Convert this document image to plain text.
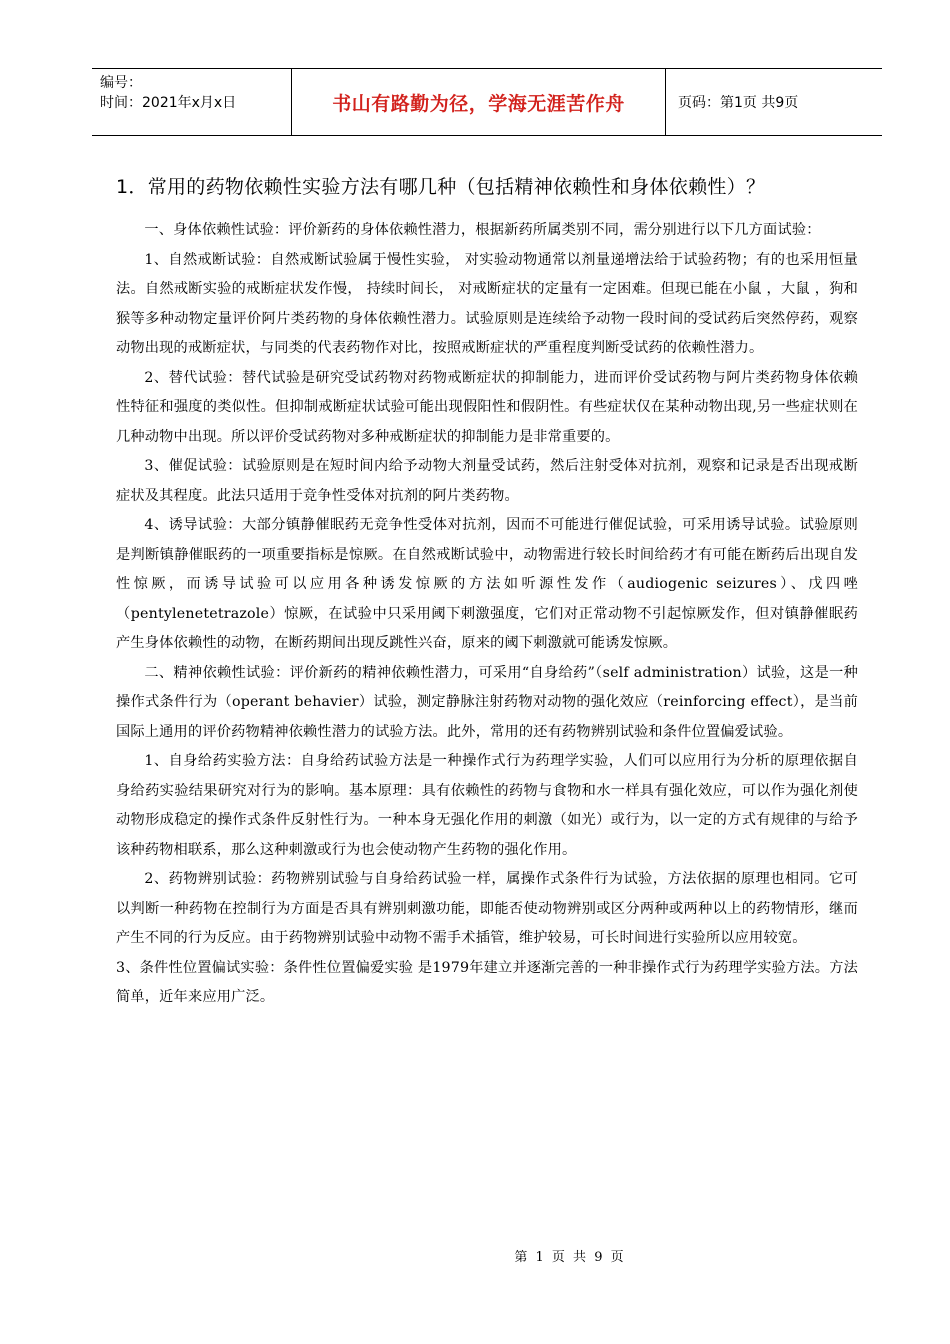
编号：
时间：2021年x月x日	书山有路勤为径，学海无涯苦作舟	页码：第1页 共9页
1．常用的药物依赖性实验方法有哪几种（包括精神依赖性和身体依赖性）？

一、身体依赖性试验：评价新药的身体依赖性潜力，根据新药所属类别不同，需分别进行以下几方面试验：

1、自然戒断试验：自然戒断试验属于慢性实验， 对实验动物通常以剂量递增法给于试验药物；有的也采用恒量法。自然戒断实验的戒断症状发作慢， 持续时间长， 对戒断症状的定量有一定困难。但现已能在小鼠 ，大鼠 ，狗和猴等多种动物定量评价阿片类药物的身体依赖性潜力。试验原则是连续给予动物一段时间的受试药后突然停药，观察动物出现的戒断症状，与同类的代表药物作对比，按照戒断症状的严重程度判断受试药的依赖性潜力。

2、替代试验：替代试验是研究受试药物对药物戒断症状的抑制能力，进而评价受试药物与阿片类药物身体依赖性特征和强度的类似性。但抑制戒断症状试验可能出现假阳性和假阴性。有些症状仅在某种动物出现,另一些症状则在几种动物中出现。所以评价受试药物对多种戒断症状的抑制能力是非常重要的。

3、催促试验：试验原则是在短时间内给予动物大剂量受试药，然后注射受体对抗剂，观察和记录是否出现戒断症状及其程度。此法只适用于竞争性受体对抗剂的阿片类药物。

4、诱导试验：大部分镇静催眠药无竞争性受体对抗剂，因而不可能进行催促试验，可采用诱导试验。试验原则是判断镇静催眠药的一项重要指标是惊厥。在自然戒断试验中，动物需进行较长时间给药才有可能在断药后出现自发性惊厥，而诱导试验可以应用各种诱发惊厥的方法如听源性发作（audiogenic seizures）、戊四唑（pentylenetetrazole）惊厥，在试验中只采用阈下刺激强度，它们对正常动物不引起惊厥发作，但对镇静催眠药产生身体依赖性的动物，在断药期间出现反跳性兴奋，原来的阈下刺激就可能诱发惊厥。

二、精神依赖性试验：评价新药的精神依赖性潜力，可采用“自身给药”（self administration）试验，这是一种操作式条件行为（operant behavier）试验，测定静脉注射药物对动物的强化效应（reinforcing effect），是当前国际上通用的评价药物精神依赖性潜力的试验方法。此外，常用的还有药物辨别试验和条件位置偏爱试验。

1、自身给药实验方法：自身给药试验方法是一种操作式行为药理学实验，人们可以应用行为分析的原理依据自身给药实验结果研究对行为的影响。基本原理：具有依赖性的药物与食物和水一样具有强化效应，可以作为强化剂使动物形成稳定的操作式条件反射性行为。一种本身无强化作用的刺激（如光）或行为，以一定的方式有规律的与给予该种药物相联系，那么这种刺激或行为也会使动物产生药物的强化作用。

2、药物辨别试验：药物辨别试验与自身给药试验一样，属操作式条件行为试验，方法依据的原理也相同。它可以判断一种药物在控制行为方面是否具有辨别刺激功能，即能否使动物辨别或区分两种或两种以上的药物情形，继而产生不同的行为反应。由于药物辨别试验中动物不需手术插管，维护较易，可长时间进行实验所以应用较宽。

3、条件性位置偏试实验：条件性位置偏爱实验 是1979年建立并逐渐完善的一种非操作式行为药理学实验方法。方法简单，近年来应用广泛。

第 1 页 共 9 页
